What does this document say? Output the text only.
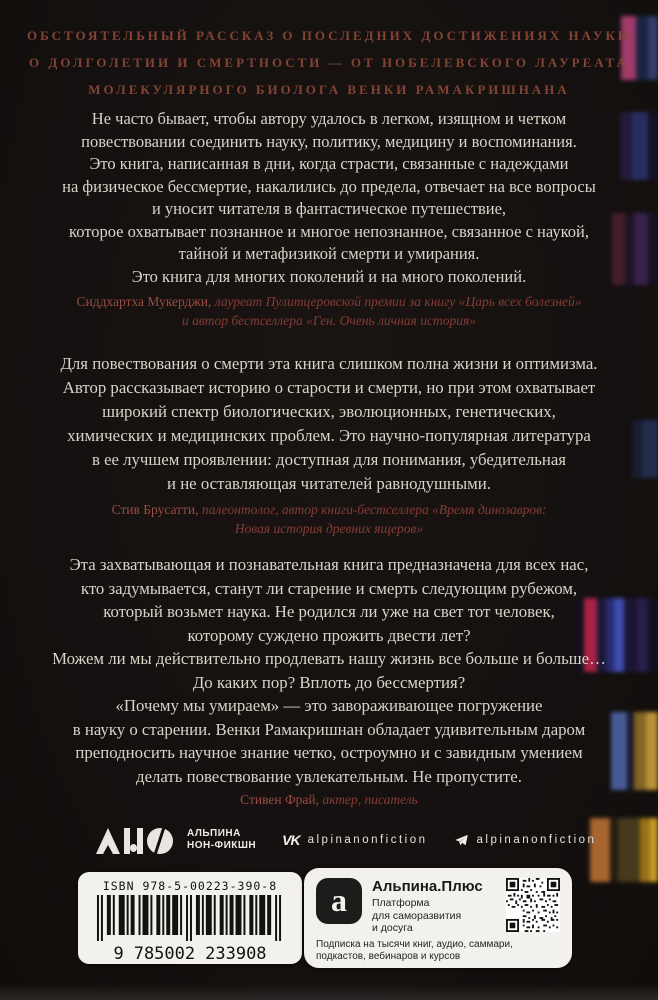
ОБСТОЯТЕЛЬНЫЙ РАССКАЗ О ПОСЛЕДНИХ ДОСТИЖЕНИЯХ НАУКИ
О ДОЛГОЛЕТИИ И СМЕРТНОСТИ — ОТ НОБЕЛЕВСКОГО ЛАУРЕАТА
МОЛЕКУЛЯРНОГО БИОЛОГА ВЕНКИ РАМАКРИШНАНА
Не часто бывает, чтобы автору удалось в легком, изящном и четком
повествовании соединить науку, политику, медицину и воспоминания.
Это книга, написанная в дни, когда страсти, связанные с надеждами
на физическое бессмертие, накалились до предела, отвечает на все вопросы
и уносит читателя в фантастическое путешествие,
которое охватывает познанное и многое непознанное, связанное с наукой,
тайной и метафизикой смерти и умирания.
Это книга для многих поколений и на много поколений.
Сиддхартха Мукерджи, лауреат Пулитцеровской премии за книгу «Царь всех болезней»
и автор бестселлера «Ген. Очень личная история»
Для повествования о смерти эта книга слишком полна жизни и оптимизма.
Автор рассказывает историю о старости и смерти, но при этом охватывает
широкий спектр биологических, эволюционных, генетических,
химических и медицинских проблем. Это научно-популярная литература
в ее лучшем проявлении: доступная для понимания, убедительная
и не оставляющая читателей равнодушными.
Стив Брусатти, палеонтолог, автор книги-бестселлера «Время динозавров:
Новая история древних ящеров»
Эта захватывающая и познавательная книга предназначена для всех нас,
кто задумывается, станут ли старение и смерть следующим рубежом,
который возьмет наука. Не родился ли уже на свет тот человек,
которому суждено прожить двести лет?
Можем ли мы действительно продлевать нашу жизнь все больше и больше…
До каких пор? Вплоть до бессмертия?
«Почему мы умираем» — это завораживающее погружение
в науку о старении. Венки Рамакришнан обладает удивительным даром
преподносить научное знание четко, остроумно и с завидным умением
делать повествование увлекательным. Не пропустите.
Стивен Фрай, актер, писатель
АЛЬПИНА
НОН-ФИКШН VK alpinanonfiction	alpinanonfiction
ISBN 978-5-00223-390-8
9 785002 233908
а	Альпина.Плюс
Платформа
для саморазвития
и досуга
Подписка на тысячи книг, аудио, саммари,
подкастов, вебинаров и курсов
